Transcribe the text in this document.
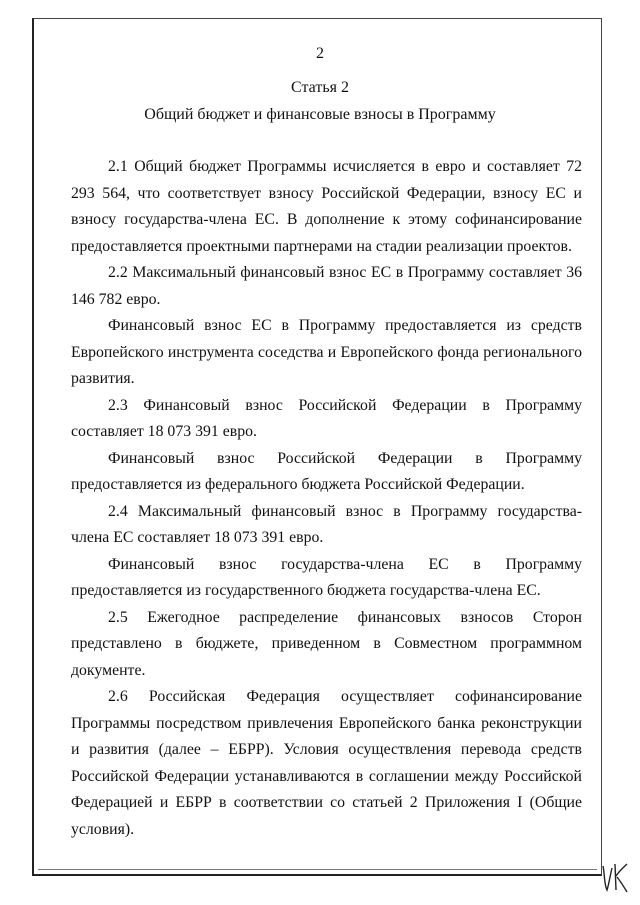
2
Статья 2
Общий бюджет и финансовые взносы в Программу

2.1 Общий бюджет Программы исчисляется в евро и составляет 72 293 564, что соответствует взносу Российской Федерации, взносу ЕС и взносу государства-члена ЕС. В дополнение к этому софинансирование предоставляется проектными партнерами на стадии реализации проектов.

2.2 Максимальный финансовый взнос ЕС в Программу составляет 36 146 782 евро.

Финансовый взнос ЕС в Программу предоставляется из средств Европейского инструмента соседства и Европейского фонда регионального развития.

2.3 Финансовый взнос Российской Федерации в Программу составляет 18 073 391 евро.

Финансовый взнос Российской Федерации в Программу предоставляется из федерального бюджета Российской Федерации.

2.4 Максимальный финансовый взнос в Программу государства-члена ЕС составляет 18 073 391 евро.

Финансовый взнос государства-члена ЕС в Программу предоставляется из государственного бюджета государства-члена ЕС.

2.5 Ежегодное распределение финансовых взносов Сторон представлено в бюджете, приведенном в Совместном программном документе.

2.6 Российская Федерация осуществляет софинансирование Программы посредством привлечения Европейского банка реконструкции и развития (далее – ЕБРР). Условия осуществления перевода средств Российской Федерации устанавливаются в соглашении между Российской Федерацией и ЕБРР в соответствии со статьей 2 Приложения I (Общие условия).
